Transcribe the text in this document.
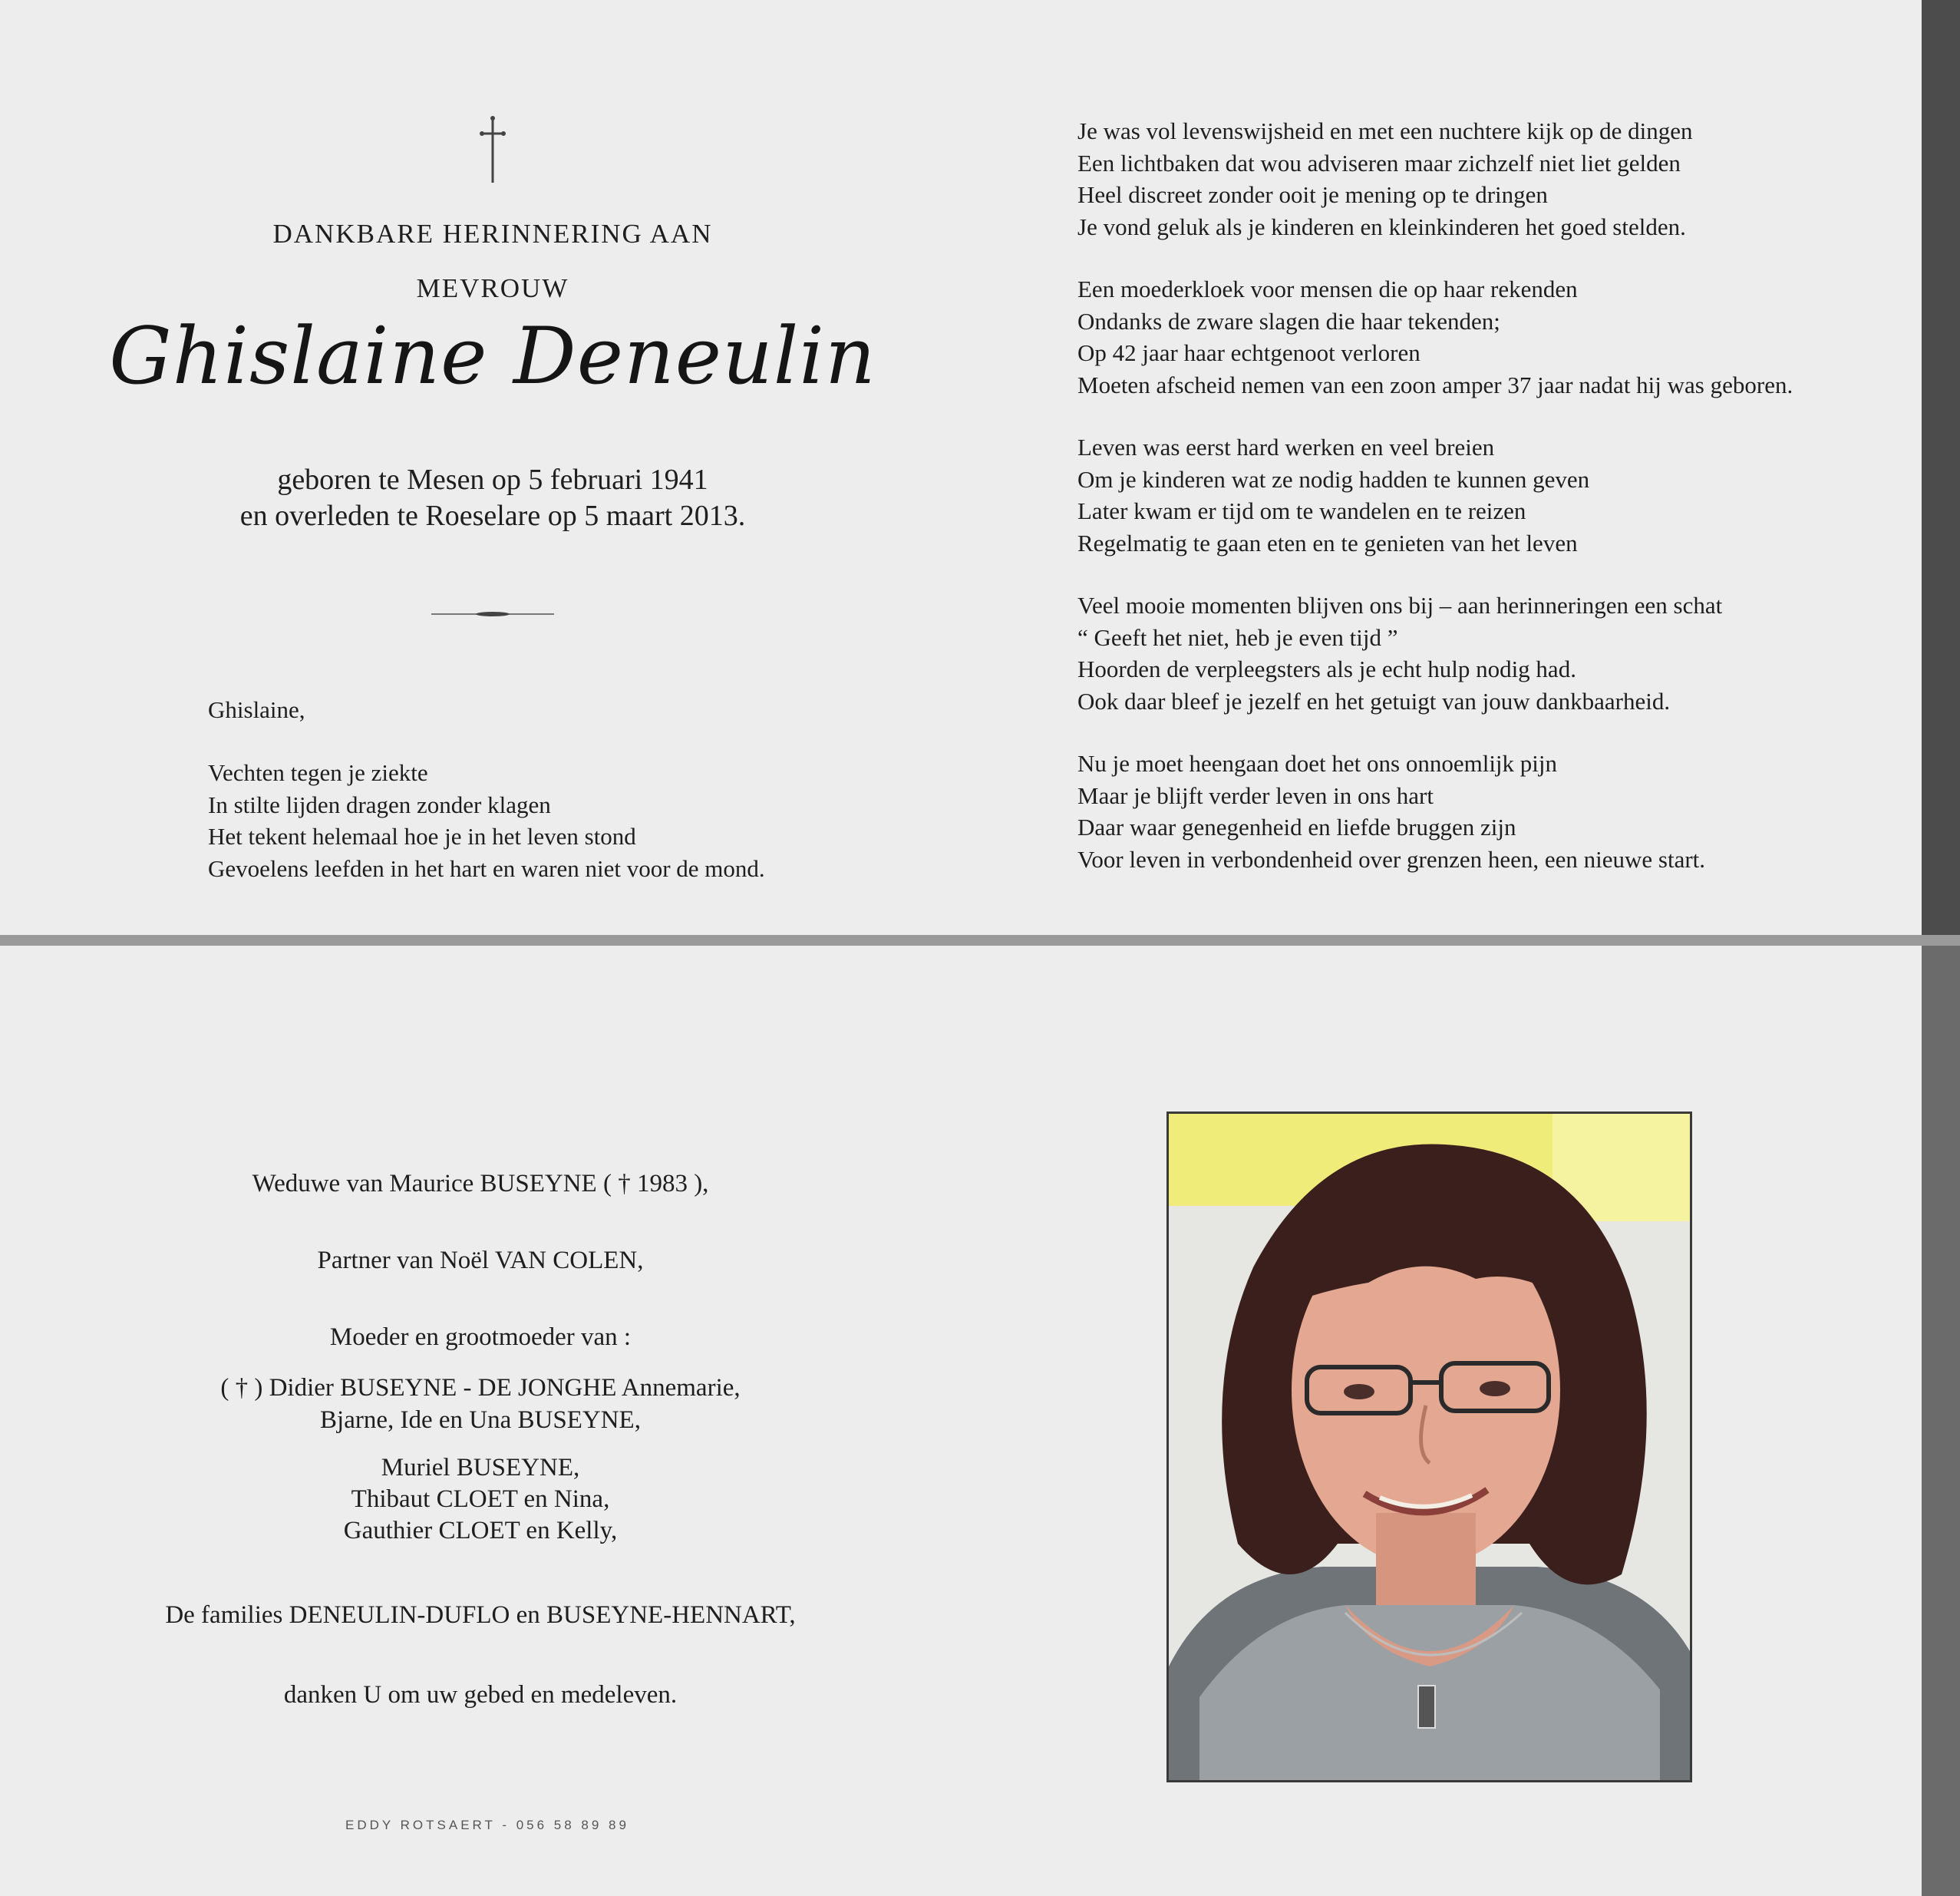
DANKBARE HERINNERING AAN
MEVROUW
Ghislaine Deneulin
geboren te Mesen op 5 februari 1941
en overleden te Roeselare op 5 maart 2013.
Ghislaine,
Vechten tegen je ziekte
In stilte lijden dragen zonder klagen
Het tekent helemaal hoe je in het leven stond
Gevoelens leefden in het hart en waren niet voor de mond.
Je was vol levenswijsheid en met een nuchtere kijk op de dingen
Een lichtbaken dat wou adviseren maar zichzelf niet liet gelden
Heel discreet zonder ooit je mening op te dringen
Je vond geluk als je kinderen en kleinkinderen het goed stelden.
Een moederkloek voor mensen die op haar rekenden
Ondanks de zware slagen die haar tekenden;
Op 42 jaar haar echtgenoot verloren
Moeten afscheid nemen van een zoon amper 37 jaar nadat hij was geboren.
Leven was eerst hard werken en veel breien
Om je kinderen wat ze nodig hadden te kunnen geven
Later kwam er tijd om te wandelen en te reizen
Regelmatig te gaan eten en te genieten van het leven
Veel mooie momenten blijven ons bij – aan herinneringen een schat
“ Geeft het niet, heb je even tijd ”
Hoorden de verpleegsters als je echt hulp nodig had.
Ook daar bleef je jezelf en het getuigt van jouw dankbaarheid.
Nu je moet heengaan doet het ons onnoemlijk pijn
Maar je blijft verder leven in ons hart
Daar waar genegenheid en liefde bruggen zijn
Voor leven in verbondenheid over grenzen heen, een nieuwe start.
Weduwe van Maurice BUSEYNE ( † 1983 ),
Partner van Noël VAN COLEN,
Moeder en grootmoeder van :
( † ) Didier BUSEYNE - DE JONGHE Annemarie,
Bjarne, Ide en Una BUSEYNE,
Muriel BUSEYNE,
Thibaut CLOET en Nina,
Gauthier CLOET en Kelly,
De families DENEULIN-DUFLO en BUSEYNE-HENNART,
danken U om uw gebed en medeleven.
EDDY ROTSAERT - 056 58 89 89
